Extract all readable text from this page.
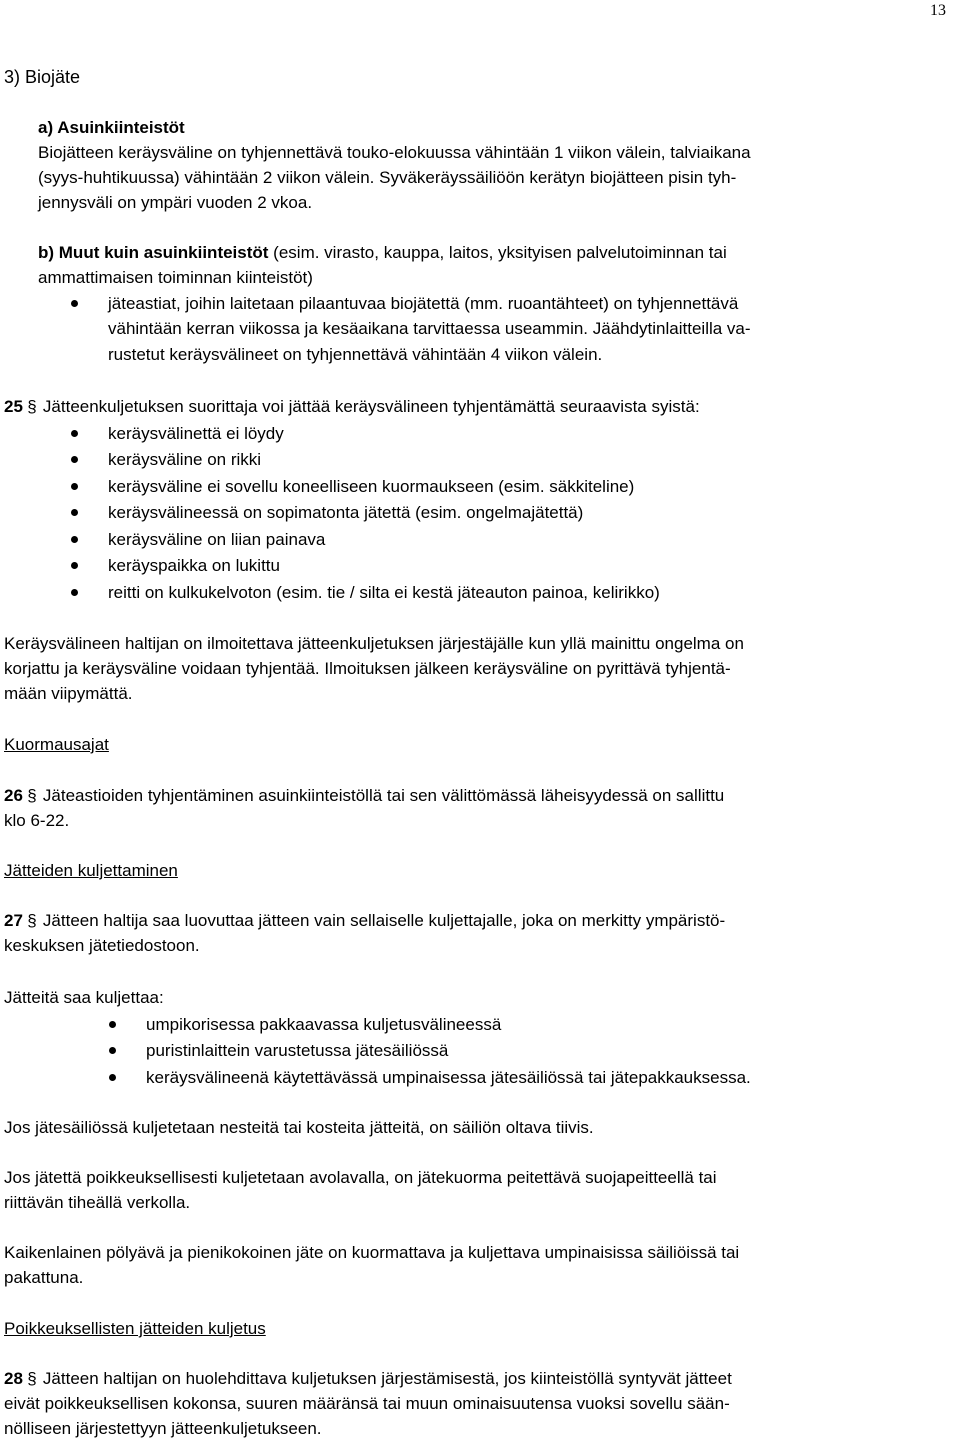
13
3) Biojäte
a) Asuinkiinteistöt
Biojätteen keräysväline on tyhjennettävä touko-elokuussa vähintään 1 viikon välein, talviaikana
(syys-huhtikuussa) vähintään 2 viikon välein. Syväkeräyssäiliöön kerätyn biojätteen pisin tyh-
jennysväli on ympäri vuoden 2 vkoa.
b) Muut kuin asuinkiinteistöt (esim. virasto, kauppa, laitos, yksityisen palvelutoiminnan tai
ammattimaisen toiminnan kiinteistöt)
jäteastiat, joihin laitetaan pilaantuvaa biojätettä (mm. ruoantähteet) on tyhjennettävä
vähintään kerran viikossa ja kesäaikana tarvittaessa useammin. Jäähdytinlaitteilla va-
rustetut keräysvälineet on tyhjennettävä vähintään 4 viikon välein.
25 § Jätteenkuljetuksen suorittaja voi jättää keräysvälineen tyhjentämättä seuraavista syistä:
keräysvälinettä ei löydy
keräysväline on rikki
keräysväline ei sovellu koneelliseen kuormaukseen (esim. säkkiteline)
keräysvälineessä on sopimatonta jätettä (esim. ongelmajätettä)
keräysväline on liian painava
keräyspaikka on lukittu
reitti on kulkukelvoton (esim. tie / silta ei kestä jäteauton painoa, kelirikko)
Keräysvälineen haltijan on ilmoitettava jätteenkuljetuksen järjestäjälle kun yllä mainittu ongelma on
korjattu ja keräysväline voidaan tyhjentää. Ilmoituksen jälkeen keräysväline on pyrittävä tyhjentä-
mään viipymättä.
Kuormausajat
26 § Jäteastioiden tyhjentäminen asuinkiinteistöllä tai sen välittömässä läheisyydessä on sallittu
klo 6-22.
Jätteiden kuljettaminen
27 § Jätteen haltija saa luovuttaa jätteen vain sellaiselle kuljettajalle, joka on merkitty ympäristö-
keskuksen jätetiedostoon.
Jätteitä saa kuljettaa:
umpikorisessa pakkaavassa kuljetusvälineessä
puristinlaittein varustetussa jätesäiliössä
keräysvälineenä käytettävässä umpinaisessa jätesäiliössä tai jätepakkauksessa.
Jos jätesäiliössä kuljetetaan nesteitä tai kosteita jätteitä, on säiliön oltava tiivis.
Jos jätettä poikkeuksellisesti kuljetetaan avolavalla, on jätekuorma peitettävä suojapeitteellä tai
riittävän tiheällä verkolla.
Kaikenlainen pölyävä ja pienikokoinen jäte on kuormattava ja kuljettava umpinaisissa säiliöissä tai
pakattuna.
Poikkeuksellisten jätteiden kuljetus
28 § Jätteen haltijan on huolehdittava kuljetuksen järjestämisestä, jos kiinteistöllä syntyvät jätteet
eivät poikkeuksellisen kokonsa, suuren määränsä tai muun ominaisuutensa vuoksi sovellu sään-
nölliseen järjestettyyn jätteenkuljetukseen.
